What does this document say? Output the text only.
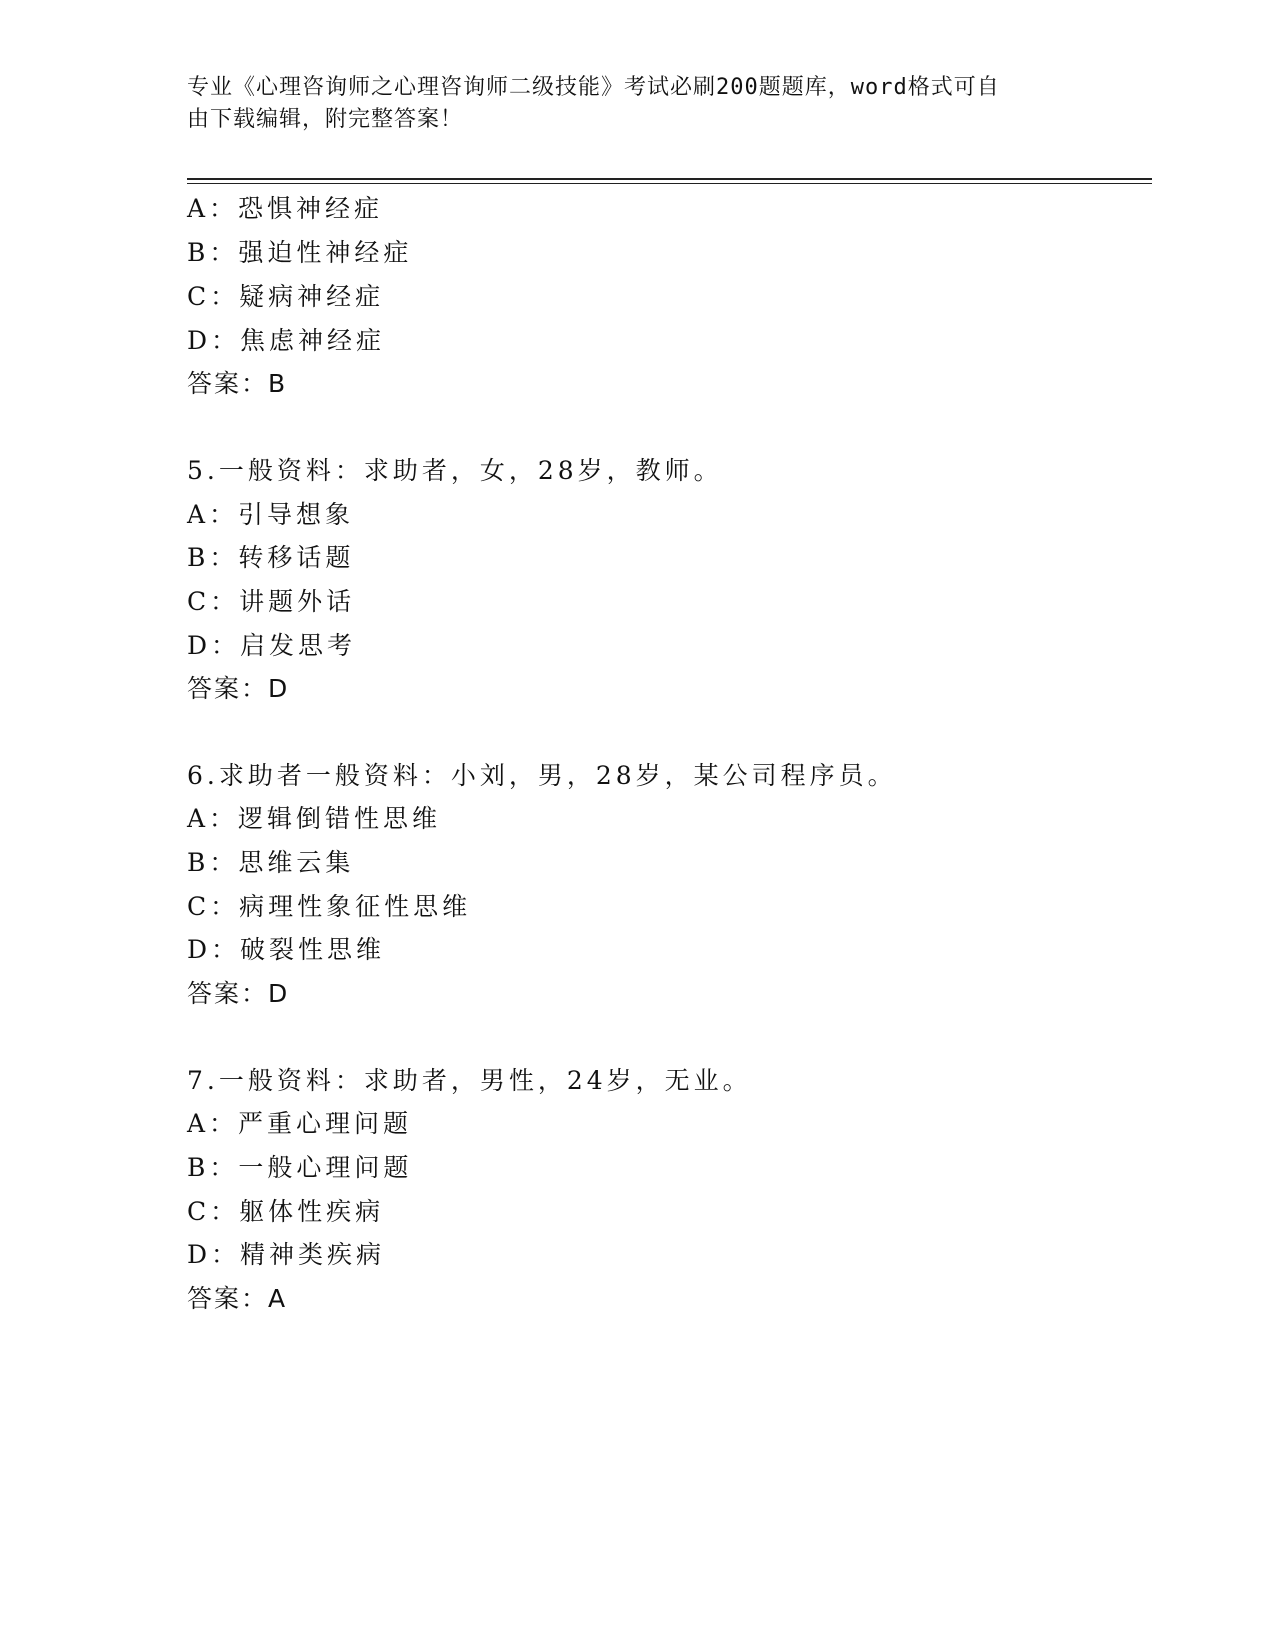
专业《心理咨询师之心理咨询师二级技能》考试必刷200题题库，word格式可自
由下载编辑，附完整答案！
A：恐惧神经症
B：强迫性神经症
C：疑病神经症
D：焦虑神经症
答案：B
5.一般资料：求助者，女，28岁，教师。
A：引导想象
B：转移话题
C：讲题外话
D：启发思考
答案：D
6.求助者一般资料：小刘，男，28岁，某公司程序员。
A：逻辑倒错性思维
B：思维云集
C：病理性象征性思维
D：破裂性思维
答案：D
7.一般资料：求助者，男性，24岁，无业。
A：严重心理问题
B：一般心理问题
C：躯体性疾病
D：精神类疾病
答案：A
